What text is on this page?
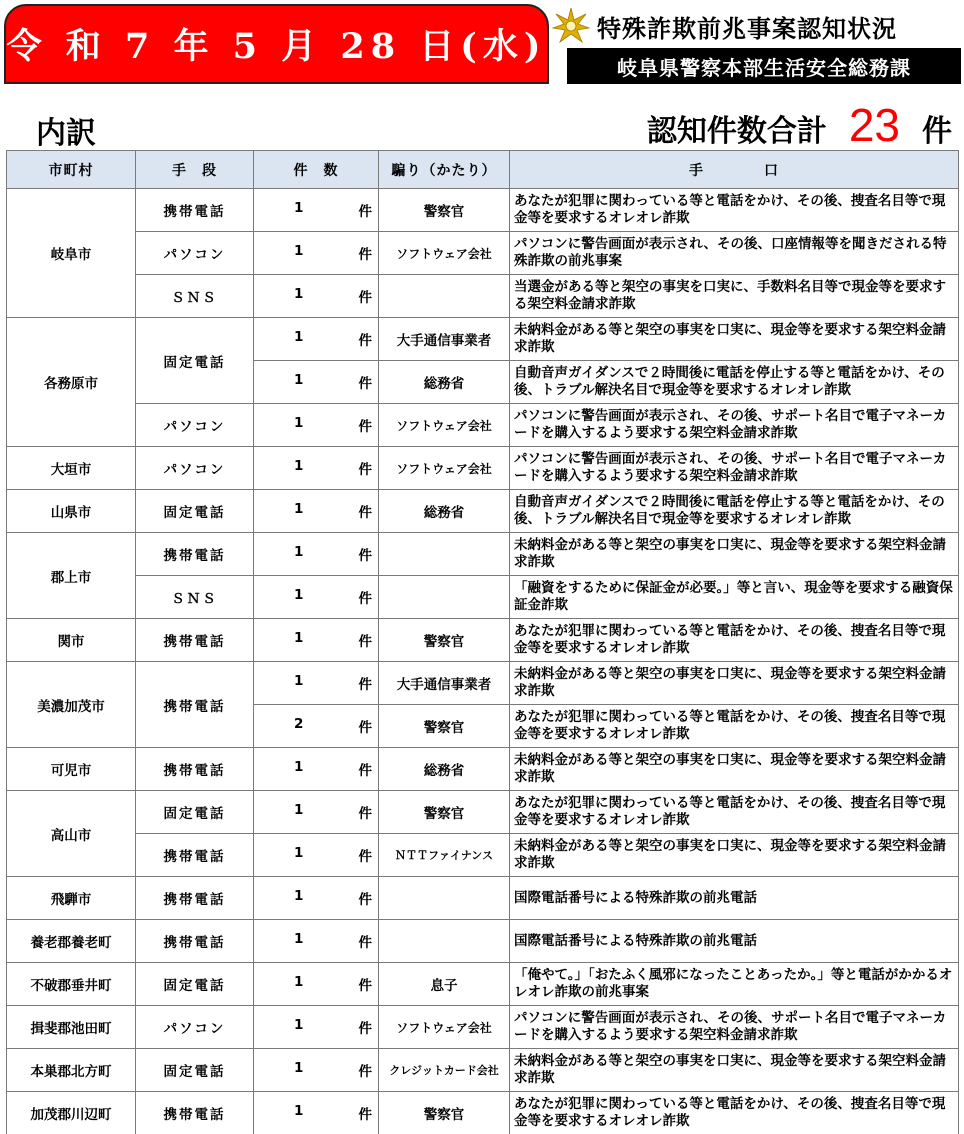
令 和 7 年 5 月 28 日(水) 特殊詐欺前兆事案認知状況
岐阜県警察本部生活安全総務課
内訳	認知件数合計 23 件
市町村	手　段	件　数	騙り（かたり）	手　　　　口
岐阜市	携帯電話	1 件	警察官	あなたが犯罪に関わっている等と電話をかけ、その後、捜査名目等で現金等を要求するオレオレ詐欺
	パソコン	1 件	ソフトウェア会社	パソコンに警告画面が表示され、その後、口座情報等を聞きだされる特殊詐欺の前兆事案
	ＳＮＳ	1 件		当選金がある等と架空の事実を口実に、手数料名目等で現金等を要求する架空料金請求詐欺
各務原市	固定電話	1 件	大手通信事業者	未納料金がある等と架空の事実を口実に、現金等を要求する架空料金請求詐欺

		1 件	総務省	自動音声ガイダンスで２時間後に電話を停止する等と電話をかけ、その後、トラブル解決名目で現金等を要求するオレオレ詐欺
	パソコン	1 件	ソフトウェア会社	パソコンに警告画面が表示され、その後、サポート名目で電子マネーカードを購入するよう要求する架空料金請求詐欺
大垣市	パソコン	1 件	ソフトウェア会社	パソコンに警告画面が表示され、その後、サポート名目で電子マネーカードを購入するよう要求する架空料金請求詐欺
山県市	固定電話	1 件	総務省	自動音声ガイダンスで２時間後に電話を停止する等と電話をかけ、その後、トラブル解決名目で現金等を要求するオレオレ詐欺
郡上市	携帯電話	1 件		未納料金がある等と架空の事実を口実に、現金等を要求する架空料金請求詐欺
	ＳＮＳ	1 件		「融資をするために保証金が必要。」等と言い、現金等を要求する融資保証金詐欺
関市	携帯電話	1 件	警察官	あなたが犯罪に関わっている等と電話をかけ、その後、捜査名目等で現金等を要求するオレオレ詐欺
美濃加茂市	携帯電話	1 件	大手通信事業者	未納料金がある等と架空の事実を口実に、現金等を要求する架空料金請求詐欺

		2 件	警察官	あなたが犯罪に関わっている等と電話をかけ、その後、捜査名目等で現金等を要求するオレオレ詐欺
可児市	携帯電話	1 件	総務省	未納料金がある等と架空の事実を口実に、現金等を要求する架空料金請求詐欺
高山市	固定電話	1 件	警察官	あなたが犯罪に関わっている等と電話をかけ、その後、捜査名目等で現金等を要求するオレオレ詐欺
	携帯電話	1 件	ＮＴＴファイナンス	未納料金がある等と架空の事実を口実に、現金等を要求する架空料金請求詐欺
飛騨市	携帯電話	1 件		国際電話番号による特殊詐欺の前兆電話
養老郡養老町	携帯電話	1 件		国際電話番号による特殊詐欺の前兆電話
不破郡垂井町	固定電話	1 件	息子	「俺やて。」「おたふく風邪になったことあったか。」等と電話がかかるオレオレ詐欺の前兆事案
揖斐郡池田町	パソコン	1 件	ソフトウェア会社	パソコンに警告画面が表示され、その後、サポート名目で電子マネーカードを購入するよう要求する架空料金請求詐欺
本巣郡北方町	固定電話	1 件	クレジットカード会社	未納料金がある等と架空の事実を口実に、現金等を要求する架空料金請求詐欺
加茂郡川辺町	携帯電話	1 件	警察官	あなたが犯罪に関わっている等と電話をかけ、その後、捜査名目等で現金等を要求するオレオレ詐欺
